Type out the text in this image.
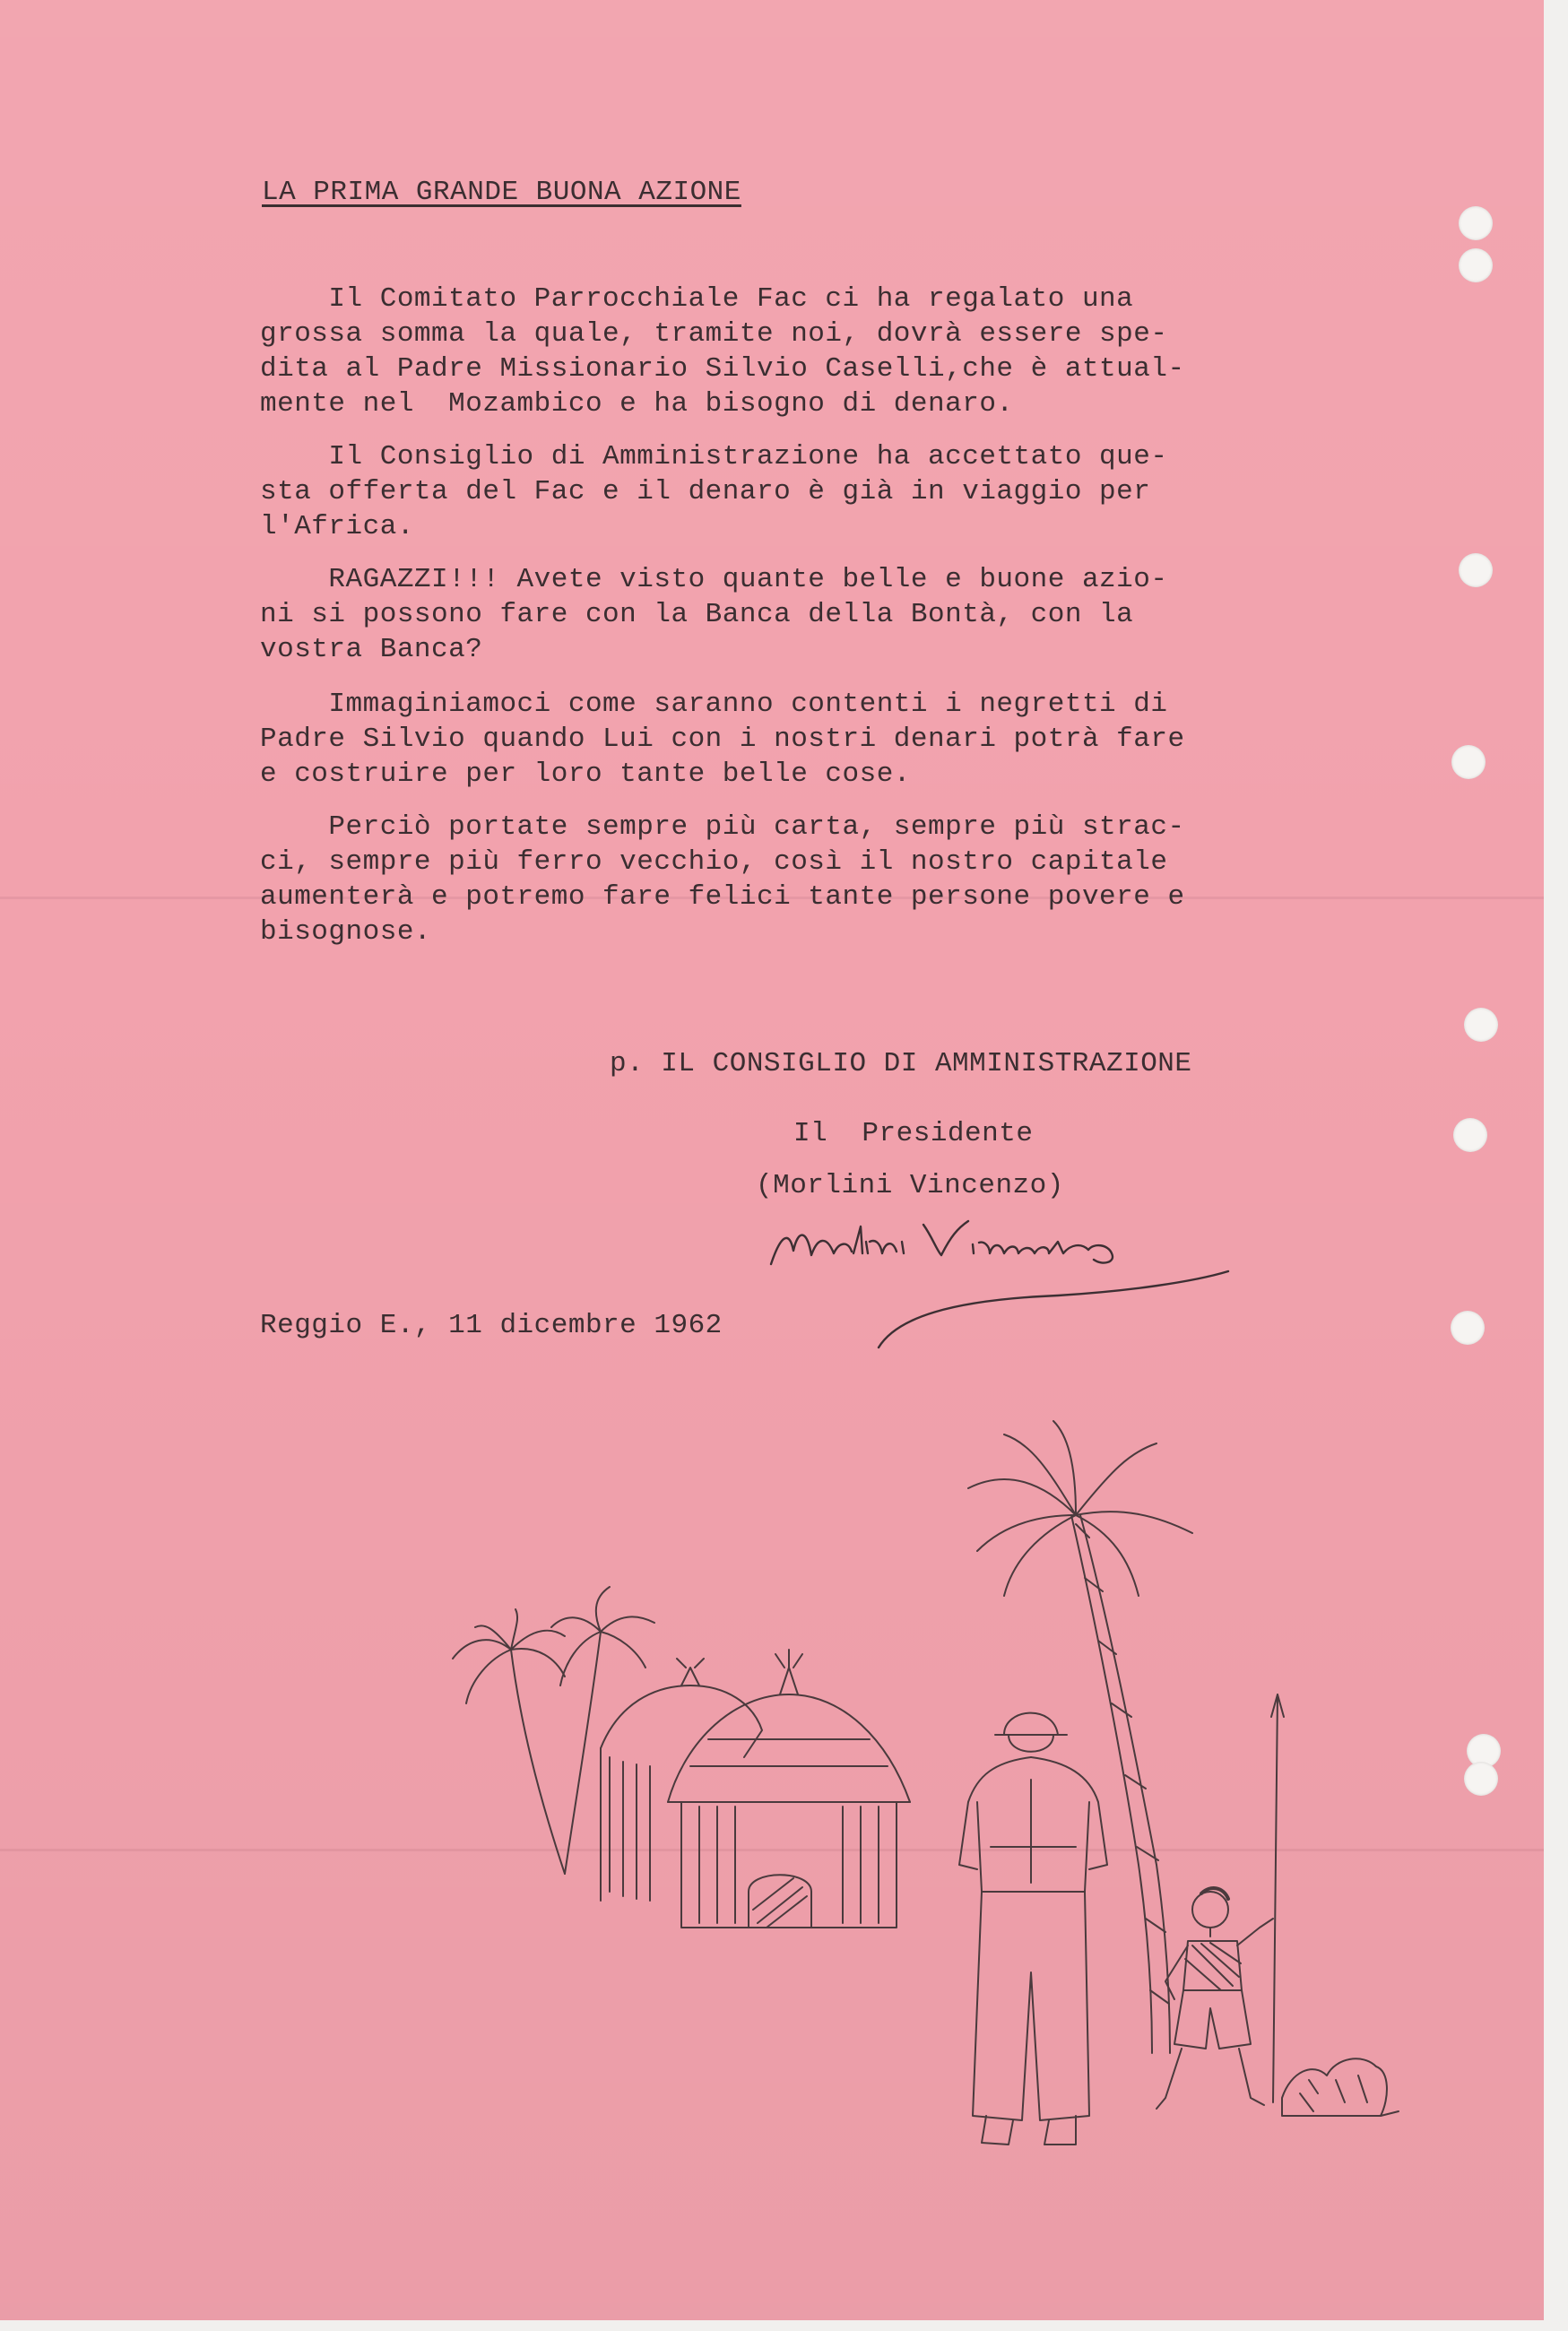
LA PRIMA GRANDE BUONA AZIONE
Il Comitato Parrocchiale Fac ci ha regalato una
grossa somma la quale, tramite noi, dovrà essere spe-
dita al Padre Missionario Silvio Caselli,che è attual-
mente nel  Mozambico e ha bisogno di denaro.
Il Consiglio di Amministrazione ha accettato que-
sta offerta del Fac e il denaro è già in viaggio per
l'Africa.
RAGAZZI!!! Avete visto quante belle e buone azio-
ni si possono fare con la Banca della Bontà, con la
vostra Banca?
Immaginiamoci come saranno contenti i negretti di
Padre Silvio quando Lui con i nostri denari potrà fare
e costruire per loro tante belle cose.
Perciò portate sempre più carta, sempre più strac-
ci, sempre più ferro vecchio, così il nostro capitale
aumenterà e potremo fare felici tante persone povere e
bisognose.
p. IL CONSIGLIO DI AMMINISTRAZIONE
Il  Presidente
(Morlini Vincenzo)
Reggio E., 11 dicembre 1962
